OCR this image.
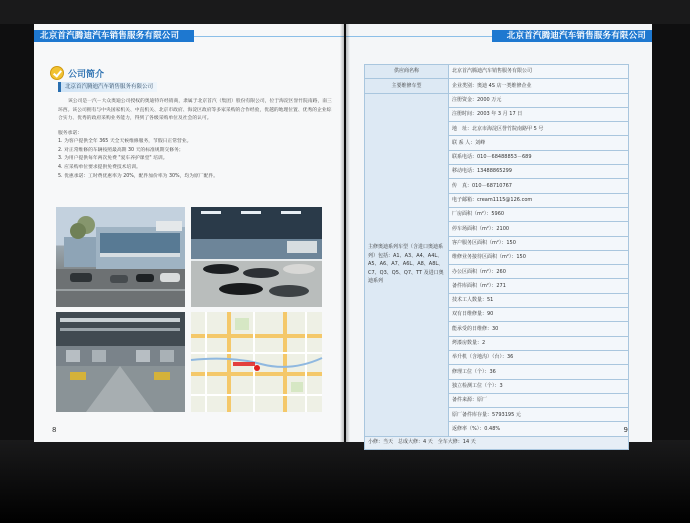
北京首汽腾迪汽车销售服务有限公司
公司简介
北京首汽腾迪汽车销售服务有限公司
该公司是一汽－大众奥迪公司授权的奥迪特许经销商，隶属于北京首汽（集团）股份有限公司，位于海淀区誉竹院南路，南三环西。该公司拥有与中央国家机关、中直机关、北京市政府、海淀区政府等多家采购的合作经验，优越的地理位置、优秀的企业综合实力、优秀的政府采购业务能力，得到了各级采购单位及社会的认可。
服务承诺：
1. 为客户提供全年 365 天全天候维修服务，节假日正常营业。
2. 对正常维修的车辆按照最高期 30 天的标准规期交修务；
3. 为用户提供每年两次免费 "爱车养护课堂" 培训。
4. 应采购单位要求提供免费技术培训。
5. 优惠承诺：工时费优惠率为 20%，配件加价率为 30%，均为原厂配件。
8
北京首汽腾迪汽车销售服务有限公司
供应商名称	北京首汽腾迪汽车销售服务有限公司
主要维修车型	企业类别：奥迪 4S 店一类维修企业
主修奥迪系列车型（含进口奥迪系列）包括：A1、A3、A4、A4L、A5、A6、A7、A6L、A8、A8L、C7、Q3、Q5、Q7、TT 及进口奥迪系列	注册资金：2000 万元
	注册时间：2003 年 3 月 17 日
	地　址：北京市海淀区誉竹院南路甲 5 号
	联 系 人：刘峰
	联系电话：010－68488853－689
	移动电话：13488865299
	传　真：010－68710767
	电子邮箱：cream1115@126.com
	厂房面积（m²）：5960
	停车场面积（m²）：2100
	客户服务区面积（m²）：150
	维修业务接待区面积（m²）：150
	办公区面积（m²）：260
	备件库面积（m²）：271
	技术工人数量：51
	双有日维修量：90
	能承受的日维修：30
	烤漆房数量：2
	举升机（含地沟）（台）：36
	修理工位（个）：36
	独立检测工位（个）：3
	备件来源：原厂
	原厂备件库存量：5793195 元
	返修率（%）：0.48%
小修：当天　总成大修：4 天　全车大修：14 天	
9
